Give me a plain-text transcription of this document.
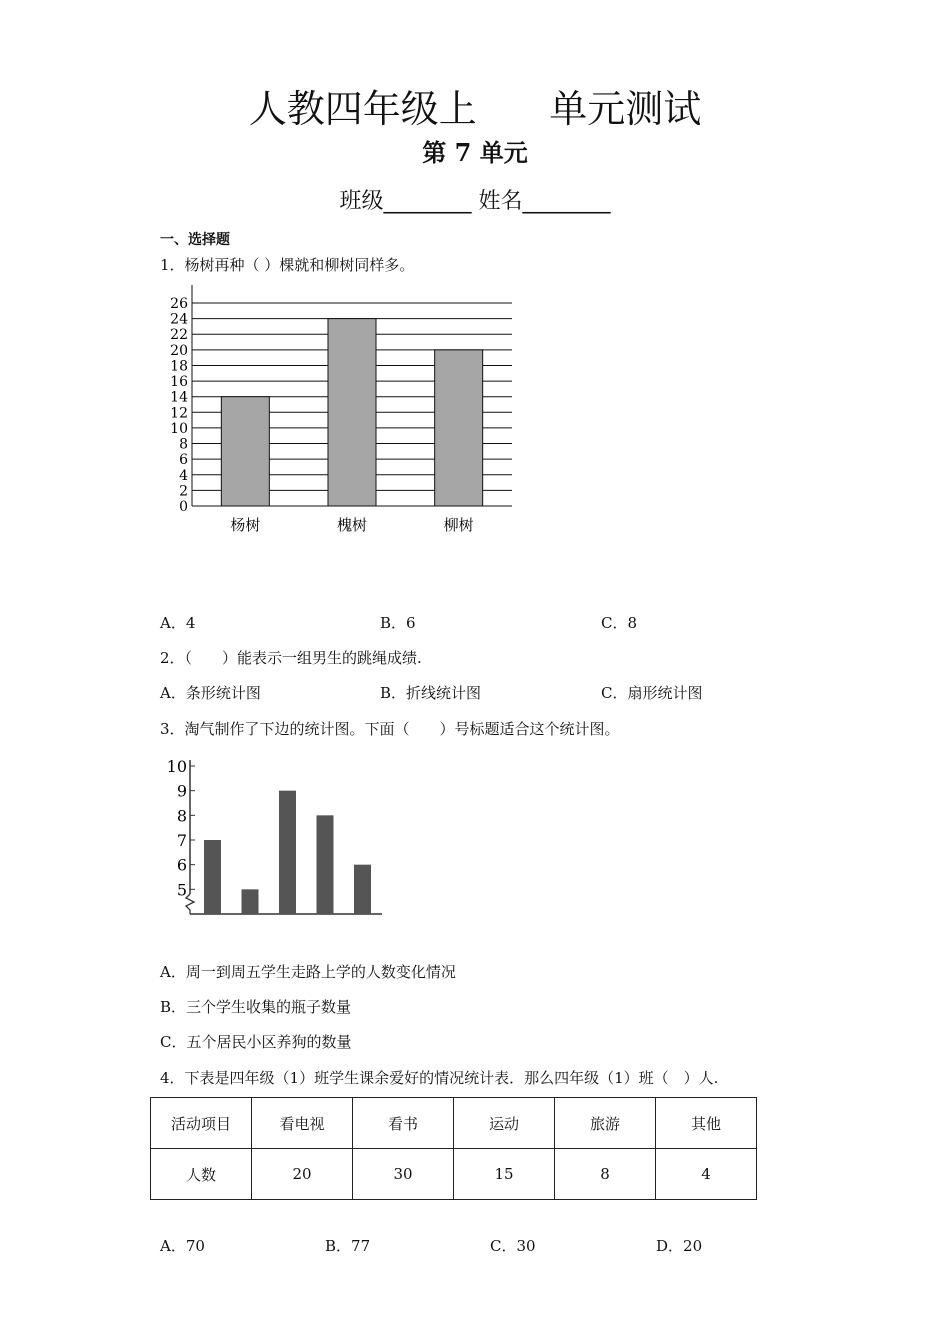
人教四年级上      单元测试
第 7 单元
班级________ 姓名________
一、选择题
1．杨树再种（ ）棵就和柳树同样多。
0
2
4
6
8
10
12
14
16
18
20
22
24
26
杨树	槐树	柳树
A．4	B．6	C．8
2．（　　）能表示一组男生的跳绳成绩.
A．条形统计图	B．折线统计图	C．扇形统计图
3．淘气制作了下边的统计图。下面（　　）号标题适合这个统计图。
5
6
7
8
9
10
A．周一到周五学生走路上学的人数变化情况
B．三个学生收集的瓶子数量
C．五个居民小区养狗的数量
4．下表是四年级（1）班学生课余爱好的情况统计表．那么四年级（1）班（　）人.
活动项目	看电视	看书	运动	旅游	其他
人数	20	30	15	8	4
A．70	B．77	C．30	D．20
